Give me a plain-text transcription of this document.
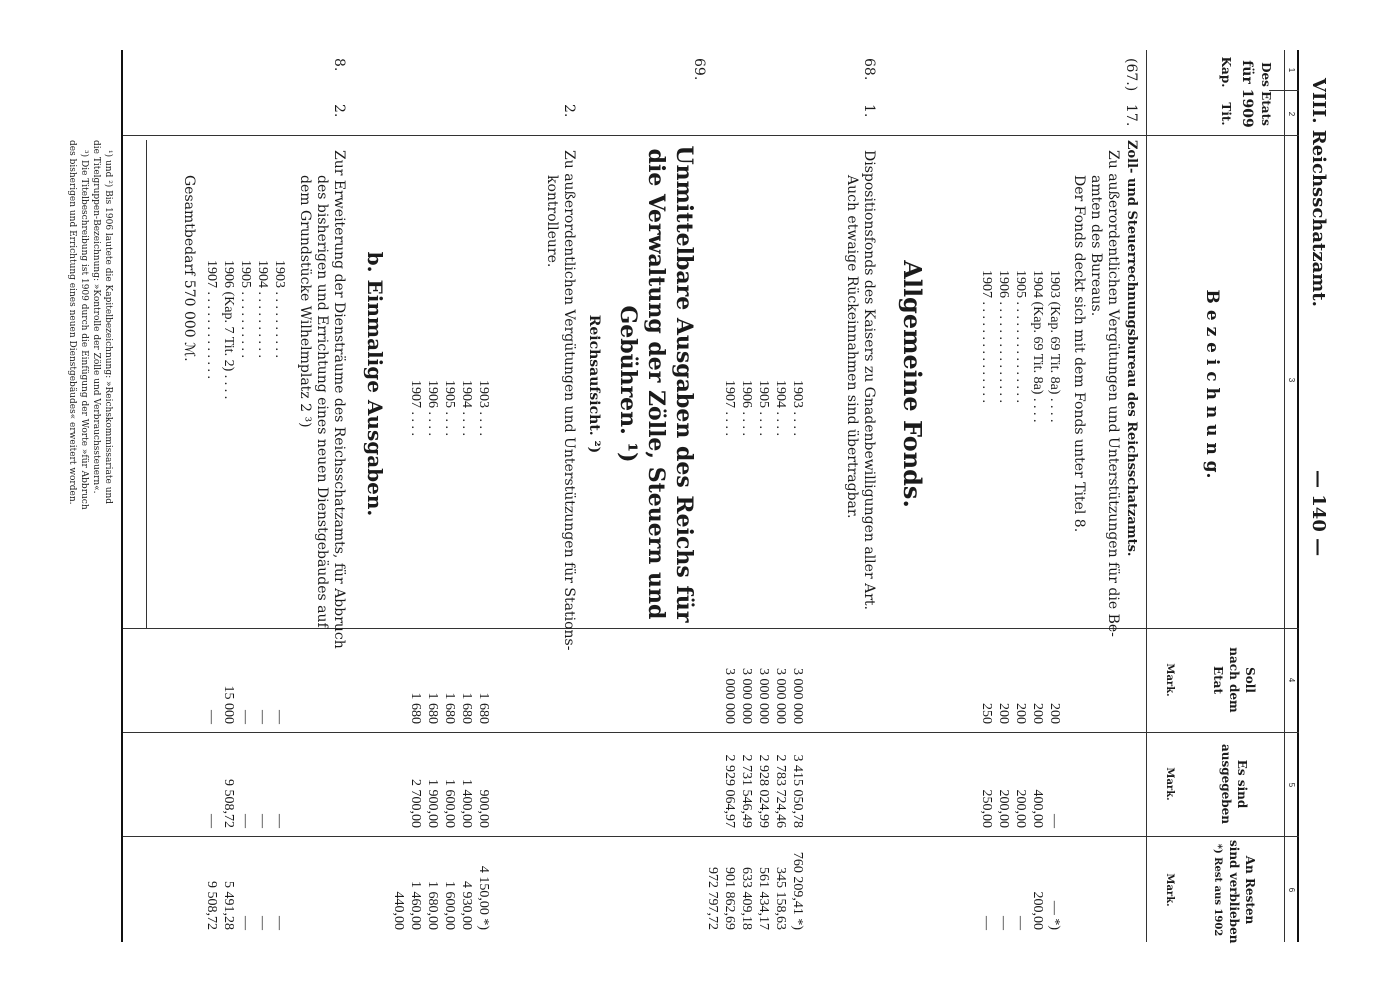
VIII. Reichsschatzamt.
— 140 —
1
2
3
4
5
6
Des Etats
für 1909
Kap.
Tit.
B e z e i c h n u n g.
Soll
nach dem
Etat
Mark.
Es sind
ausgegeben
Mark.
An Resten
sind verblieben
*) Rest aus 1902
Mark.
(67.)
17.
Zoll- und Steuerrechnungsbureau des Reichsschatzamts.
Zu außerordentlichen Vergütungen und Unterstützungen für die Be-
amten des Bureaus.
Der Fonds deckt sich mit dem Fonds unter Titel 8.
1903 (Kap. 69 Tit. 8a) . . . .
200
—
— *)
1904 (Kap. 69 Tit. 8a) . . . .
200
400,00
200,00
1905 . . . . . . . . . . . . . . .
200
200,00
—
1906 . . . . . . . . . . . . . . .
200
200,00
—
1907 . . . . . . . . . . . . . . .
250
250,00
—
Allgemeine Fonds.
68.
1.
Dispositionsfonds des Kaisers zu Gnadenbewilligungen aller Art.
Auch etwaige Rückeinnahmen sind übertragbar.
1903 . . . .
3 000 000
3 415 050,78
760 209,41 *)
1904 . . . .
3 000 000
2 783 724,46
345 158,63
1905 . . . .
3 000 000
2 928 024,99
561 434,17
1906 . . . .
3 000 000
2 731 546,49
633 409,18
1907 . . . .
3 000 000
2 929 064,97
901 862,69
972 797,72
69.
Unmittelbare Ausgaben des Reichs für
die Verwaltung der Zölle, Steuern und
Gebühren. ¹)
Reichsaufsicht. ²)
2.
Zu außerordentlichen Vergütungen und Unterstützungen für Stations-
kontrolleure.
1903 . . . .
1 680
900,00
4 150,00 *)
1904 . . . .
1 680
1 400,00
4 930,00
1905 . . . .
1 680
1 600,00
1 600,00
1906 . . . .
1 680
1 900,00
1 680,00
1907 . . . .
1 680
2 700,00
1 460,00
440,00
b. Einmalige Ausgaben.
8.
2.
Zur Erweiterung der Diensträume des Reichsschatzamts, für Abbruch
des bisherigen und Errichtung eines neuen Dienstgebäudes auf
dem Grundstücke Wilhelmplatz 2 ³)
1903 . . . . . . . . . .
—
—
—
1904 . . . . . . . . . .
—
—
—
1905 . . . . . . . . . .
—
—
—
1906 (Kap. 7 Tit. 2) . . . .
15 000
9 508,72
5 491,28
1907 . . . . . . . . . . . . .
—
—
9 508,72
Gesamtbedarf 570 000 ℳ.
¹) und ²) Bis 1906 lautete die Kapitelbezeichnung: »Reichskommissariate und
die Titelgruppen-Bezeichnung: »Kontrolle der Zölle und Verbrauchssteuern«.
³) Die Titelbeschreibung ist 1909 durch die Einfügung der Worte »für Abbruch
des bisherigen und Errichtung eines neuen Dienstgebäudes« erweitert worden.
